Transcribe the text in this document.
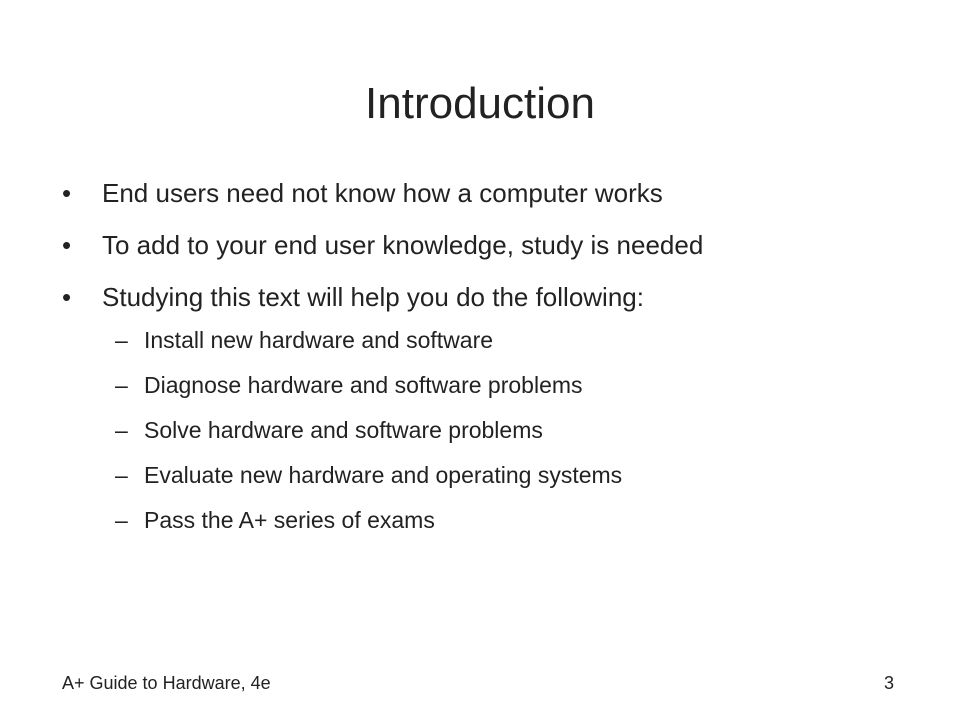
Introduction
•	End users need not know how a computer works
•	To add to your end user knowledge, study is needed
•	Studying this text will help you do the following:
– Install new hardware and software
– Diagnose hardware and software problems
– Solve hardware and software problems
– Evaluate new hardware and operating systems
– Pass the A+ series of exams
A+ Guide to Hardware, 4e	3
